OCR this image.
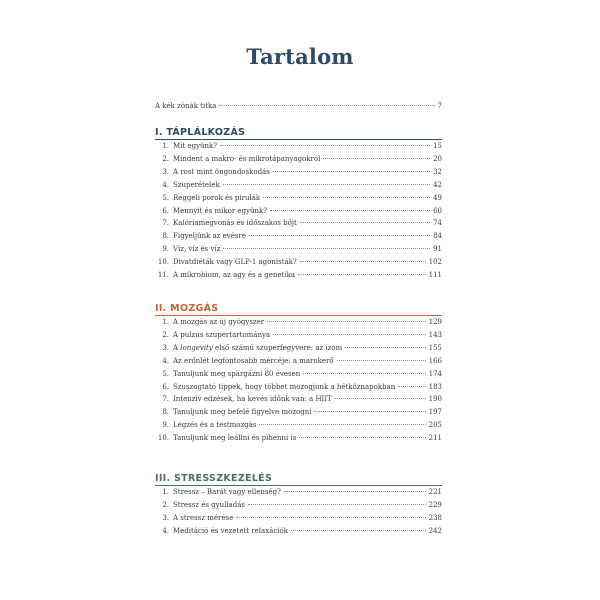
Tartalom
A kék zónák titka	7
I. TÁPLÁLKOZÁS
1. Mit együnk?	15
2. Mindent a makro- és mikrotápanyagokról	20
3. A rost mint öngondoskodás	32
4. Szuperételek	42
5. Reggeli porok és pirulák	49
6. Mennyit és mikor együnk?	60
7. Kalóriamegvonás és időszakos böjt	74
8. Figyeljünk az evésre	84
9. Víz, víz és víz	91
10. Divatdiéták vagy GLP-1 agonisták?	102
11. A mikrobiom, az agy és a genetika	111
II. MOZGÁS
1. A mozgás az új gyógyszer	129
2. A pulzus szupertartománya	143
3. A longevity első számú szuperfegyvere: az izom	155
4. Az erőnlét legfontosabb mércéje: a marokerő	166
5. Tanuljunk meg spárgázni 80 évesen	174
6. Szuszogtató tippek, hogy többet mozogjunk a hétköznapokban	183
7. Intenzív edzések, ha kevés időnk van: a HIIT	190
8. Tanuljunk meg befelé figyelve mozogni	197
9. Légzés és a testmozgás	205
10. Tanuljunk meg leállni és pihenni is	211
III. STRESSZKEZELÉS
1. Stressz – Barát vagy ellenség?	221
2. Stressz és gyulladás	229
3. A stressz mérése	238
4. Meditáció és vezetett relaxációk	242
